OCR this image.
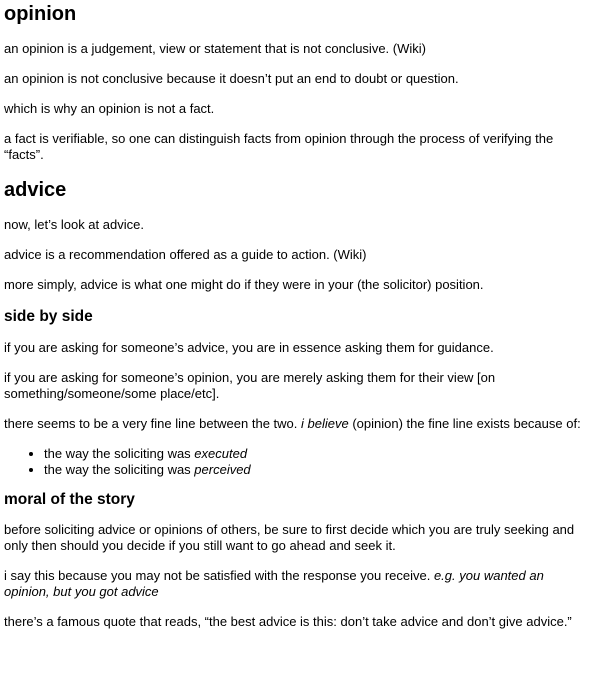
opinion

an opinion is a judgement, view or statement that is not conclusive. (Wiki)

an opinion is not conclusive because it doesn’t put an end to doubt or question.

which is why an opinion is not a fact.

a fact is verifiable, so one can distinguish facts from opinion through the process of verifying the “facts”.

advice

now, let’s look at advice.

advice is a recommendation offered as a guide to action. (Wiki)

more simply, advice is what one might do if they were in your (the solicitor) position.

side by side

if you are asking for someone’s advice, you are in essence asking them for guidance.

if you are asking for someone’s opinion, you are merely asking them for their view [on something/someone/some place/etc].

there seems to be a very fine line between the two. i believe (opinion) the fine line exists because of:

• the way the soliciting was executed
• the way the soliciting was perceived
moral of the story

before soliciting advice or opinions of others, be sure to first decide which you are truly seeking and only then should you decide if you still want to go ahead and seek it.

i say this because you may not be satisfied with the response you receive. e.g. you wanted an opinion, but you got advice

there’s a famous quote that reads, “the best advice is this: don’t take advice and don’t give advice.”
